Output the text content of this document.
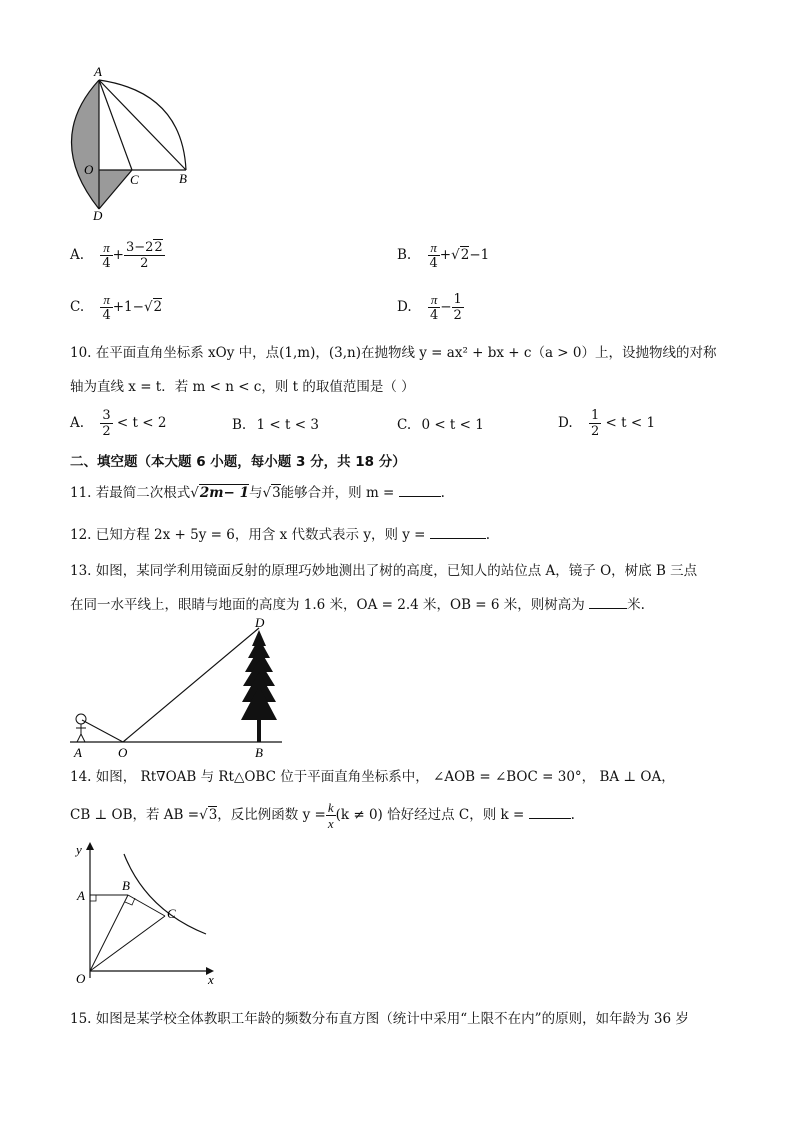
A
O
C	B
D
A. $\frac{\pi}{4} + \frac{3-22}{2}$	B. $\frac{\pi}{4} +√2-1$
C. $\frac{\pi}{4} +1-√2$	D. $\frac{\pi}{4} - \frac{1}{2}$
10. 在平面直角坐标系 xOy 中，点(1,m)，(3,n)在抛物线 y = ax² + bx + c（a > 0）上，设抛物线的对称
轴为直线 x = t．若 m < n < c，则 t 的取值范围是（ ）
A. $\frac{3}{2} < t < 2$	B. 1 < t < 3	C. 0 < t < 1	D. $\frac{1}{2} < t < 1$
二、填空题（本大题 6 小题，每小题 3 分，共 18 分）
11. 若最简二次根式√2m− 1与√3能够合并，则 m =	.
12. 已知方程 2x + 5y = 6，用含 x 代数式表示 y，则 y =	.
13. 如图，某同学利用镜面反射的原理巧妙地测出了树的高度，已知人的站位点 A，镜子 O，树底 B 三点
在同一水平线上，眼睛与地面的高度为 1.6 米，OA = 2.4 米，OB = 6 米，则树高为	米.
D
A	O	B
14. 如图， Rt∇OAB 与 Rt△OBC 位于平面直角坐标系中， ∠AOB = ∠BOC = 30°， BA ⊥ OA，
CB ⊥ OB，若 AB =√3，反比例函数 $y = \frac{k}{x} (k \ne 0)$ 恰好经过点 C，则 k =	.
y
x
A
B
C
O
15. 如图是某学校全体教职工年龄的频数分布直方图（统计中采用“上限不在内”的原则，如年龄为 36 岁
